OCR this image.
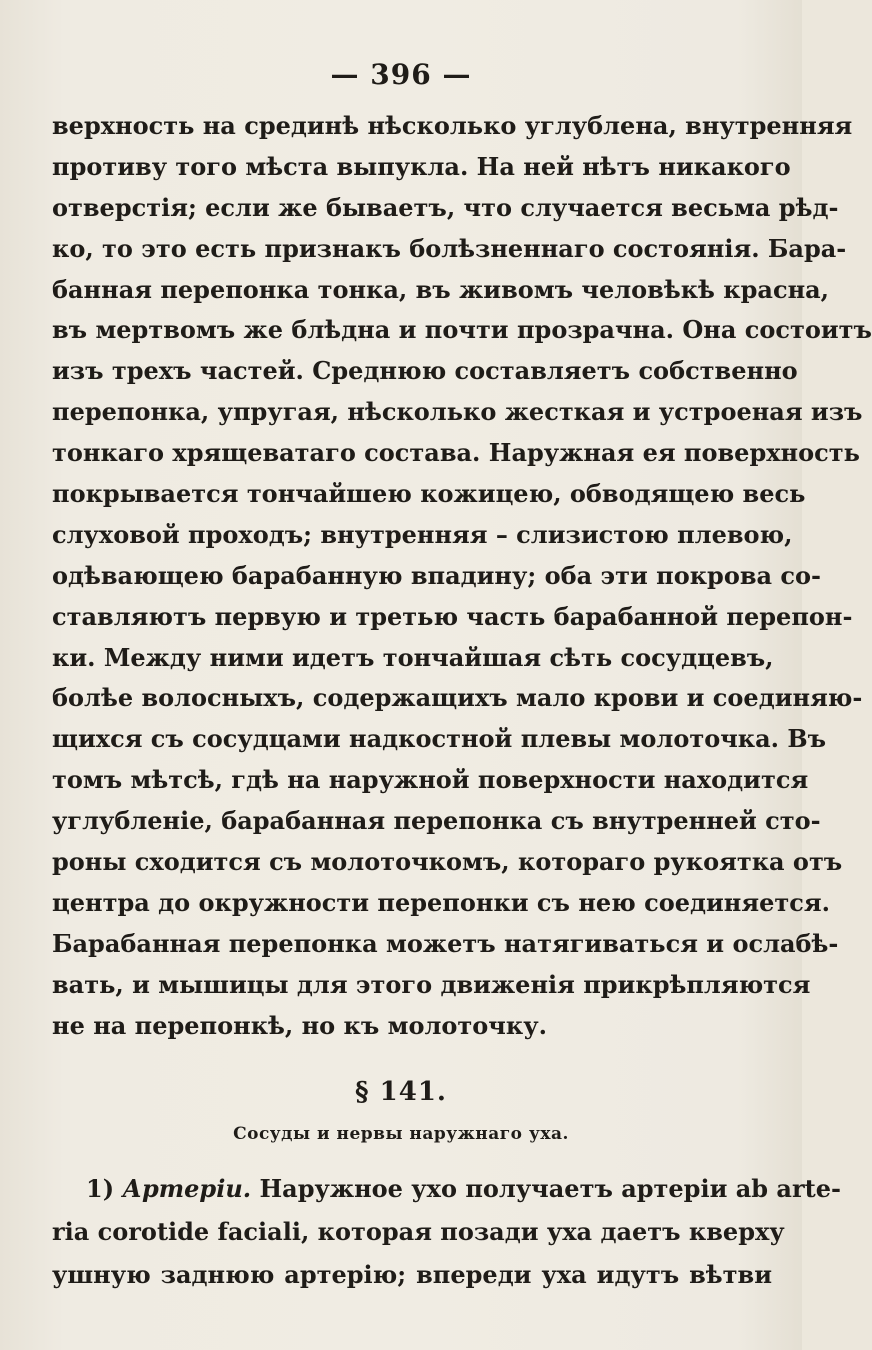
— 396 —
верхность на срединѣ нѣсколько углублена, внутренняя
противу того мѣста выпукла. На ней нѣтъ никакого
отверстія; если же бываетъ, что случается весьма рѣд-
ко, то это есть признакъ болѣзненнаго состоянія. Бара-
банная перепонка тонка, въ живомъ человѣкѣ красна,
въ мертвомъ же блѣдна и почти прозрачна. Она состоитъ
изъ трехъ частей. Среднюю составляетъ собственно
перепонка, упругая, нѣсколько жесткая и устроеная изъ
тонкаго хрящеватаго состава. Наружная ея поверхность
покрывается тончайшею кожицею, обводящею весь
слуховой проходъ; внутренняя – слизистою плевою,
одѣвающею барабанную впадину; оба эти покрова со-
ставляютъ первую и третью часть барабанной перепон-
ки. Между ними идетъ тончайшая сѣть сосудцевъ,
болѣе волосныхъ, содержащихъ мало крови и соединяю-
щихся съ сосудцами надкостной плевы молоточка. Въ
томъ мѣтсѣ, гдѣ на наружной поверхности находится
углубленіе, барабанная перепонка съ внутренней сто-
роны сходится съ молоточкомъ, котораго рукоятка отъ
центра до окружности перепонки съ нею соединяется.
Барабанная перепонка можетъ натягиваться и ослабѣ-
вать, и мышицы для этого движенія прикрѣпляются
не на перепонкѣ, но къ молоточку.
§ 141.
Сосуды и нервы наружнаго уха.
1) Артеріи. Наружное ухо получаетъ артеріи ab arte-
ria corotide faciali, которая позади уха даетъ кверху
ушную заднюю артерію; впереди уха идутъ вѣтви
